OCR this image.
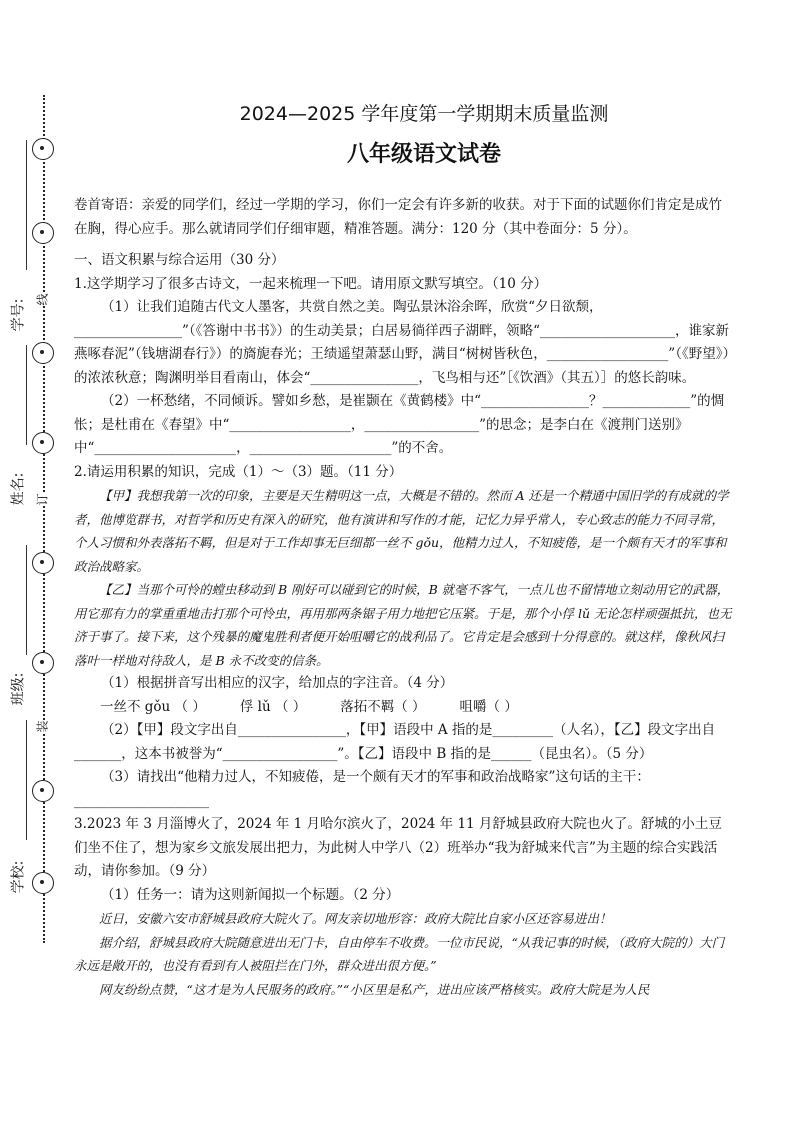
学号:
姓名:
班级:
学校:
线
订
装
2024—2025 学年度第一学期期末质量监测
八年级语文试卷

卷首寄语：亲爱的同学们，经过一学期的学习，你们一定会有许多新的收获。对于下面的试题你们肯定是成竹在胸，得心应手。那么就请同学们仔细审题，精准答题。满分：120 分（其中卷面分：5 分）。

一、语文积累与综合运用（30 分）

1.这学期学习了很多古诗文，一起来梳理一下吧。请用原文默写填空。（10 分）

（1）让我们追随古代文人墨客，共赏自然之美。陶弘景沐浴余晖，欣赏“夕日欲颓，________________”（《答谢中书书》）的生动美景；白居易徜徉西子湖畔，领略“____________________，谁家新燕啄春泥”（钱塘湖春行》）的旖旎春光；王绩遥望萧瑟山野，满目“树树皆秋色，__________________”（《野望》）的浓浓秋意；陶渊明举目看南山，体会“________________，飞鸟相与还”［《饮酒》（其五）］的悠长韵味。

（2）一杯愁绪，不同倾诉。譬如乡愁，是崔颢在《黄鹤楼》中“________________？_____________”的惆怅；是杜甫在《春望》中“__________________，_________________”的思念；是李白在《渡荆门送别》中“_____________________，_____________________”的不舍。

2.请运用积累的知识，完成（1）～（3）题。（11 分）

【甲】我想我第一次的印象，主要是天生精明这一点，大概是不错的。然而 A 还是一个精通中国旧学的有成就的学者，他博览群书，对哲学和历史有深入的研究，他有演讲和写作的才能，记忆力异乎常人，专心致志的能力不同寻常，个人习惯和外表落拓不羁，但是对于工作却事无巨细都一丝不 gǒu，他精力过人，不知疲倦，是一个颇有天才的军事和政治战略家。

【乙】当那个可怜的螳虫移动到 B 刚好可以碰到它的时候，B 就毫不客气，一点儿也不留情地立刻动用它的武器，用它那有力的掌重重地击打那个可怜虫，再用那两条锯子用力地把它压紧。于是，那个小俘 lǔ 无论怎样顽强抵抗，也无济于事了。接下来，这个残暴的魔鬼胜利者便开始咀嚼它的战利品了。它肯定是会感到十分得意的。就这样，像秋风扫落叶一样地对待敌人，是 B 永不改变的信条。

（1）根据拼音写出相应的汉字，给加点的字注音。（4 分）

一丝不 gǒu （ ）	俘 lǔ （ ）	落拓不羁（ ）	咀嚼（ ）

（2）【甲】段文字出自________________，【甲】语段中 A 指的是_________（人名），【乙】段文字出自_______，这本书被誉为“_________________”。【乙】语段中 B 指的是______（昆虫名）。（5 分）

（3）请找出“他精力过人，不知疲倦，是一个颇有天才的军事和政治战略家”这句话的主干：____________________

3.2023 年 3 月淄博火了，2024 年 1 月哈尔滨火了，2024 年 11 月舒城县政府大院也火了。舒城的小土豆们坐不住了，想为家乡文旅发展出把力，为此树人中学八（2）班举办“我为舒城来代言”为主题的综合实践活动，请你参加。（9 分）

（1）任务一：请为这则新闻拟一个标题。（2 分）

近日，安徽六安市舒城县政府大院火了。网友亲切地形容：政府大院比自家小区还容易进出！

据介绍，舒城县政府大院随意进出无门卡，自由停车不收费。一位市民说，“从我记事的时候，（政府大院的）大门永远是敞开的，也没有看到有人被阻拦在门外，群众进出很方便。”

网友纷纷点赞，“这才是为人民服务的政府。”“小区里是私产，进出应该严格核实。政府大院是为人民
